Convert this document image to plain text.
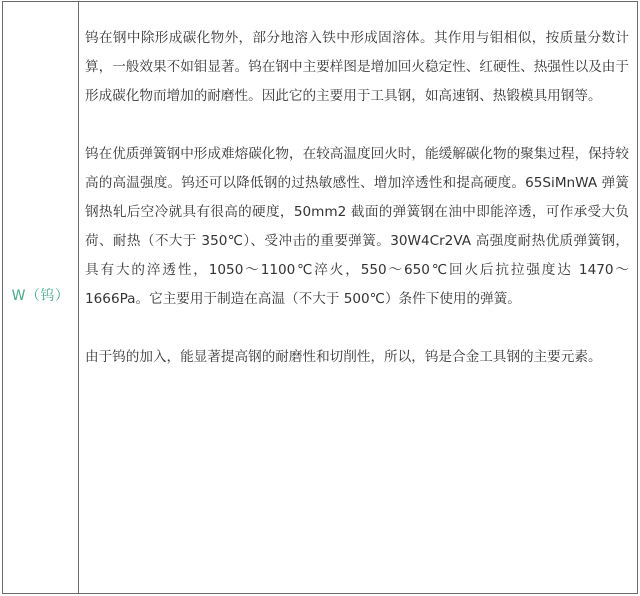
W（钨）

钨在钢中除形成碳化物外，部分地溶入铁中形成固溶体。其作用与钼相似，按质量分数计算，一般效果不如钼显著。钨在钢中主要样图是增加回火稳定性、红硬性、热强性以及由于形成碳化物而增加的耐磨性。因此它的主要用于工具钢，如高速钢、热锻模具用钢等。

钨在优质弹簧钢中形成难熔碳化物，在较高温度回火时，能缓解碳化物的聚集过程，保持较高的高温强度。钨还可以降低钢的过热敏感性、增加淬透性和提高硬度。65SiMnWA 弹簧钢热轧后空冷就具有很高的硬度，50mm2 截面的弹簧钢在油中即能淬透，可作承受大负荷、耐热（不大于 350℃）、受冲击的重要弹簧。30W4Cr2VA 高强度耐热优质弹簧钢，具有大的淬透性，1050～1100℃淬火，550～650℃回火后抗拉强度达 1470～1666Pa。它主要用于制造在高温（不大于 500℃）条件下使用的弹簧。

由于钨的加入，能显著提高钢的耐磨性和切削性，所以，钨是合金工具钢的主要元素。
